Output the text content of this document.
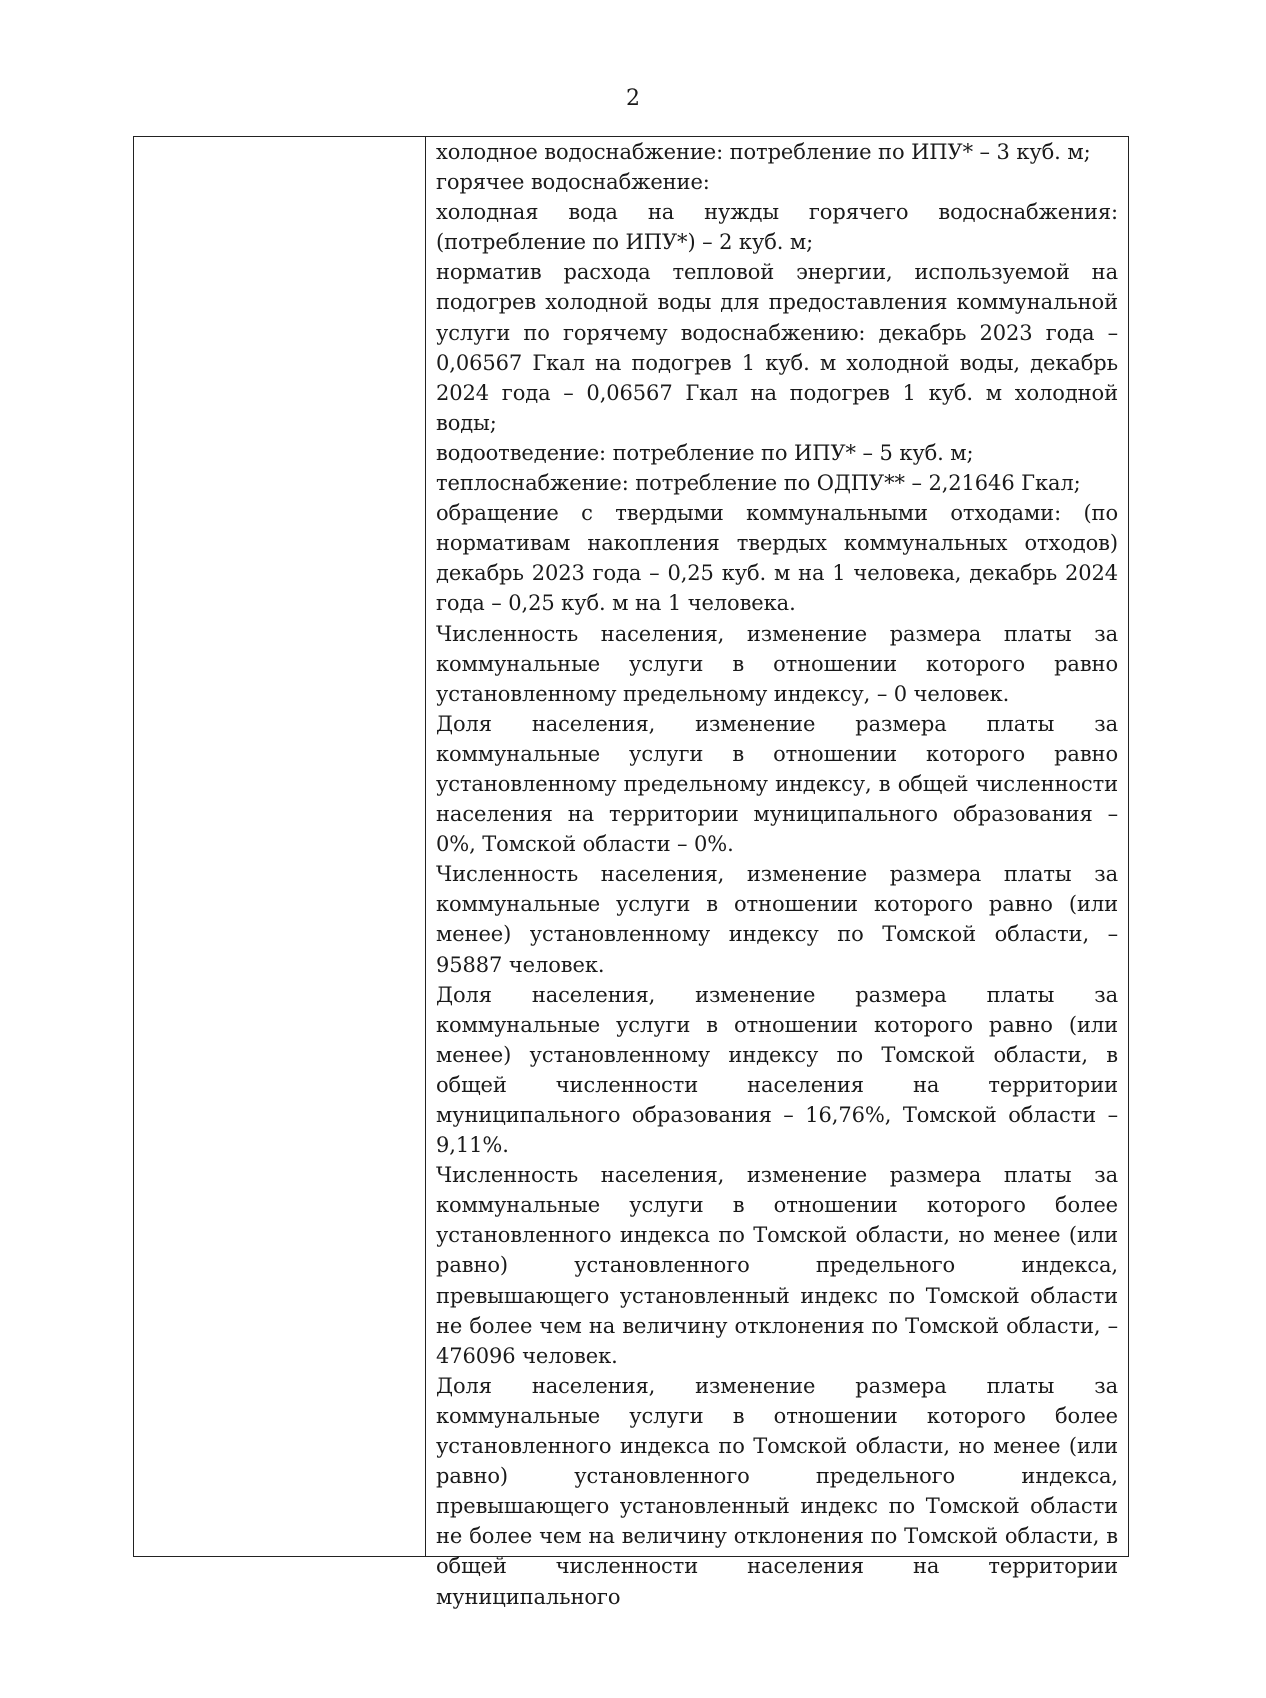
2

холодное водоснабжение: потребление по ИПУ* – 3 куб. м;

горячее водоснабжение:

холодная вода на нужды горячего водоснабжения: (потребление по ИПУ*) – 2 куб. м;

норматив расхода тепловой энергии, используемой на подогрев холодной воды для предоставления коммунальной услуги по горячему водоснабжению: декабрь 2023 года – 0,06567 Гкал на подогрев 1 куб. м холодной воды, декабрь 2024 года – 0,06567 Гкал на подогрев 1 куб. м холодной воды;

водоотведение: потребление по ИПУ* – 5 куб. м;

теплоснабжение: потребление по ОДПУ** – 2,21646 Гкал;

обращение с твердыми коммунальными отходами: (по нормативам накопления твердых коммунальных отходов) декабрь 2023 года – 0,25 куб. м на 1 человека, декабрь 2024 года – 0,25 куб. м на 1 человека.

Численность населения, изменение размера платы за коммунальные услуги в отношении которого равно установленному предельному индексу, – 0 человек.

Доля населения, изменение размера платы за коммунальные услуги в отношении которого равно установленному предельному индексу, в общей численности населения на территории муниципального образования – 0%, Томской области – 0%.

Численность населения, изменение размера платы за коммунальные услуги в отношении которого равно (или менее) установленному индексу по Томской области, – 95887 человек.

Доля населения, изменение размера платы за коммунальные услуги в отношении которого равно (или менее) установленному индексу по Томской области, в общей численности населения на территории муниципального образования – 16,76%, Томской области – 9,11%.

Численность населения, изменение размера платы за коммунальные услуги в отношении которого более установленного индекса по Томской области, но менее (или равно) установленного предельного индекса, превышающего установленный индекс по Томской области не более чем на величину отклонения по Томской области, – 476096 человек.

Доля населения, изменение размера платы за коммунальные услуги в отношении которого более установленного индекса по Томской области, но менее (или равно) установленного предельного индекса, превышающего установленный индекс по Томской области не более чем на величину отклонения по Томской области, в общей численности населения на территории муниципального
